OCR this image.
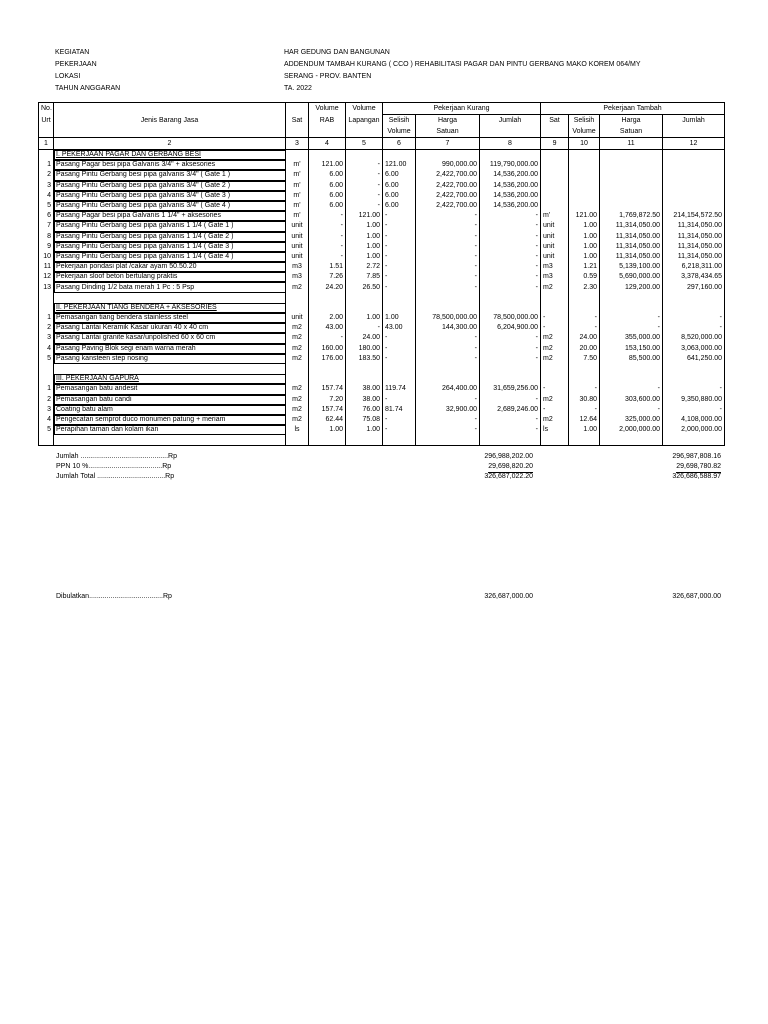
KEGIATAN	HAR GEDUNG DAN BANGUNAN
PEKERJAAN	ADDENDUM TAMBAH KURANG ( CCO ) REHABILITASI PAGAR DAN PINTU GERBANG MAKO KOREM 064/MY
LOKASI	SERANG - PROV. BANTEN
TAHUN ANGGARAN	TA. 2022
No.	Jenis Barang Jasa	Sat	Volume	Volume	Pekerjaan Kurang			Pekerjaan Tambah			
Urt			RAB	Lapangan	Selisih	Harga	Jumlah	Sat	Selisih	Harga	Jumlah
					Volume	Satuan			Volume	Satuan	
1	2	3	4	5	6	7	8	9	10	11	12
	I. PEKERJAAN PAGAR DAN GERBANG BESI										
1	Pasang Pagar besi pipa Galvanis 3/4" + aksesories	m'	121.00	-	121.00	990,000.00	119,790,000.00				
2	Pasang Pintu Gerbang besi pipa galvanis 3/4" ( Gate 1 )	m'	6.00	-	6.00	2,422,700.00	14,536,200.00				
3	Pasang Pintu Gerbang besi pipa galvanis 3/4" ( Gate 2 )	m'	6.00	-	6.00	2,422,700.00	14,536,200.00				
4	Pasang Pintu Gerbang besi pipa galvanis 3/4" ( Gate 3 )	m'	6.00	-	6.00	2,422,700.00	14,536,200.00				
5	Pasang Pintu Gerbang besi pipa galvanis 3/4" ( Gate 4 )	m'	6.00	-	6.00	2,422,700.00	14,536,200.00				
6	Pasang Pagar besi pipa Galvanis 1 1/4" + aksesories	m'	-	121.00	-	-	-	m'	121.00	1,769,872.50	214,154,572.50
7	Pasang Pintu Gerbang besi pipa galvanis 1 1/4 ( Gate 1 )	unit	-	1.00	-	-	-	unit	1.00	11,314,050.00	11,314,050.00
8	Pasang Pintu Gerbang besi pipa galvanis 1 1/4 ( Gate 2 )	unit	-	1.00	-	-	-	unit	1.00	11,314,050.00	11,314,050.00
9	Pasang Pintu Gerbang besi pipa galvanis 1 1/4 ( Gate 3 )	unit	-	1.00	-	-	-	unit	1.00	11,314,050.00	11,314,050.00
10	Pasang Pintu Gerbang besi pipa galvanis 1 1/4 ( Gate 4 )	unit	-	1.00	-	-	-	unit	1.00	11,314,050.00	11,314,050.00
11	Pekerjaan pondasi plat /cakar ayam 50.50.20	m3	1.51	2.72	-	-	-	m3	1.21	5,139,100.00	6,218,311.00
12	Pekerjaan sloof beton bertulang praktis	m3	7.26	7.85	-	-	-	m3	0.59	5,690,000.00	3,378,434.65
13	Pasang Dinding 1/2 bata merah 1 Pc : 5 Psp	m2	24.20	26.50	-	-	-	m2	2.30	129,200.00	297,160.00

	II. PEKERJAAN TIANG BENDERA + AKSESORIES										
1	Pemasangan tiang bendera stainless steel	unit	2.00	1.00	1.00	78,500,000.00	78,500,000.00	-	-	-	-
2	Pasang Lantai Keramik Kasar ukuran 40 x 40 cm	m2	43.00	-	43.00	144,300.00	6,204,900.00	-	-	-	-
3	Pasang Lantai granite kasar/unpolished 60 x 60 cm	m2	-	24.00	-	-	-	m2	24.00	355,000.00	8,520,000.00
4	Pasang Paving Blok segi enam warna merah	m2	160.00	180.00	-	-	-	m2	20.00	153,150.00	3,063,000.00
5	Pasang kansteen step nosing	m2	176.00	183.50	-	-	-	m2	7.50	85,500.00	641,250.00

	III. PEKERJAAN GAPURA										
1	Pemasangan batu andesit	m2	157.74	38.00	119.74	264,400.00	31,659,256.00	-	-	-	-
2	Pemasangan batu candi	m2	7.20	38.00	-	-	-	m2	30.80	303,600.00	9,350,880.00
3	Coating batu alam	m2	157.74	76.00	81.74	32,900.00	2,689,246.00	-	-	-	-
4	Pengecatan semprot duco monumen patung + meriam	m2	62.44	75.08	-	-	-	m2	12.64	325,000.00	4,108,000.00
5	Perapihan taman dan kolam ikan	ls	1.00	1.00	-	-	-	ls	1.00	2,000,000.00	2,000,000.00

Jumlah .............................................Rp	296,988,202.00	296,987,808.16
PPN 10 %......................................Rp	29,698,820.20	29,698,780.82
Jumlah Total ...................................Rp	326,687,022.20	326,686,588.97
Dibulatkan......................................Rp	326,687,000.00	326,687,000.00
